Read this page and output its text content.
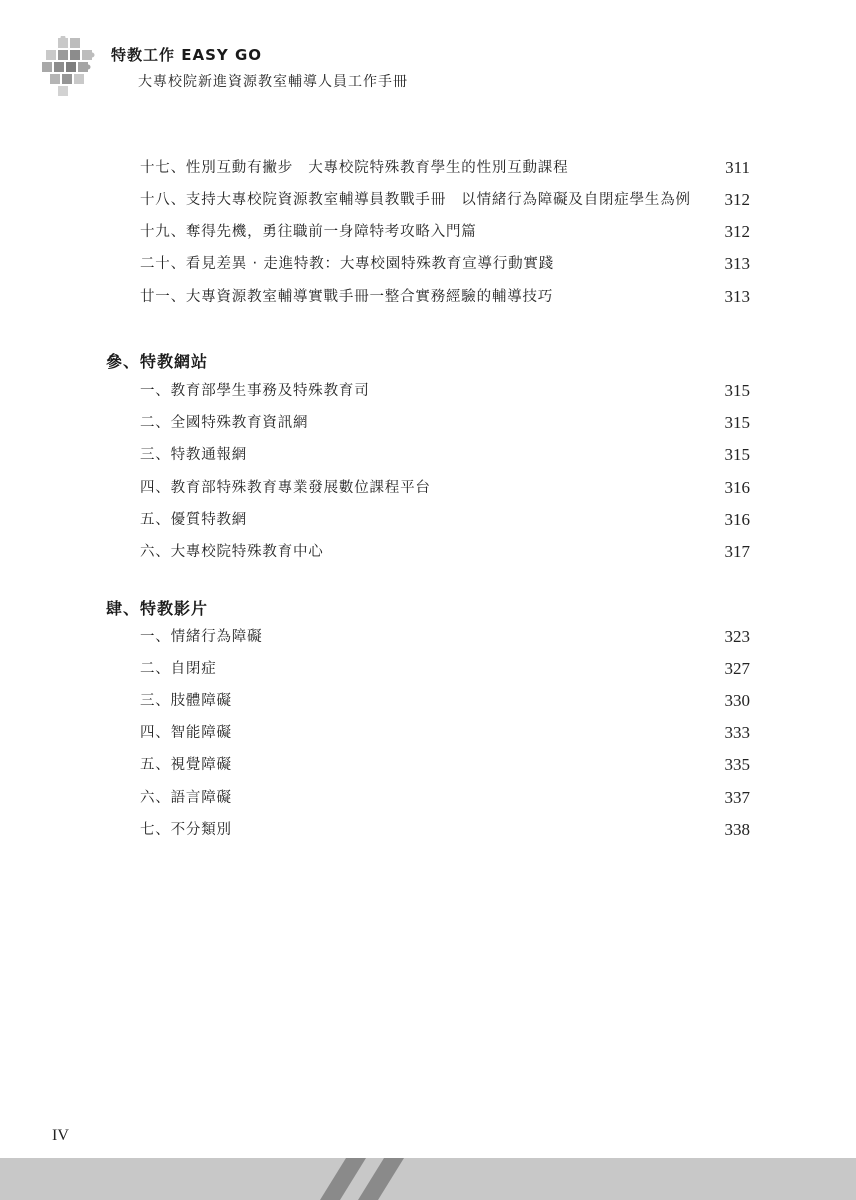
特教工作 EASY GO
大專校院新進資源教室輔導人員工作手冊
十七、性別互動有撇步　大專校院特殊教育學生的性別互動課程	311
十八、支持大專校院資源教室輔導員教戰手冊　以情緒行為障礙及自閉症學生為例 312
十九、奪得先機，勇往職前一身障特考攻略入門篇	312
二十、看見差異 ‧ 走進特教：大專校園特殊教育宣導行動實踐	313
廿一、大專資源教室輔導實戰手冊一整合實務經驗的輔導技巧	313
參、特教網站
一、教育部學生事務及特殊教育司	315
二、全國特殊教育資訊網	315
三、特教通報網	315
四、教育部特殊教育專業發展數位課程平台	316
五、優質特教網	316
六、大專校院特殊教育中心	317
肆、特教影片
一、情緒行為障礙	323
二、自閉症	327
三、肢體障礙	330
四、智能障礙	333
五、視覺障礙	335
六、語言障礙	337
七、不分類別	338
IV
